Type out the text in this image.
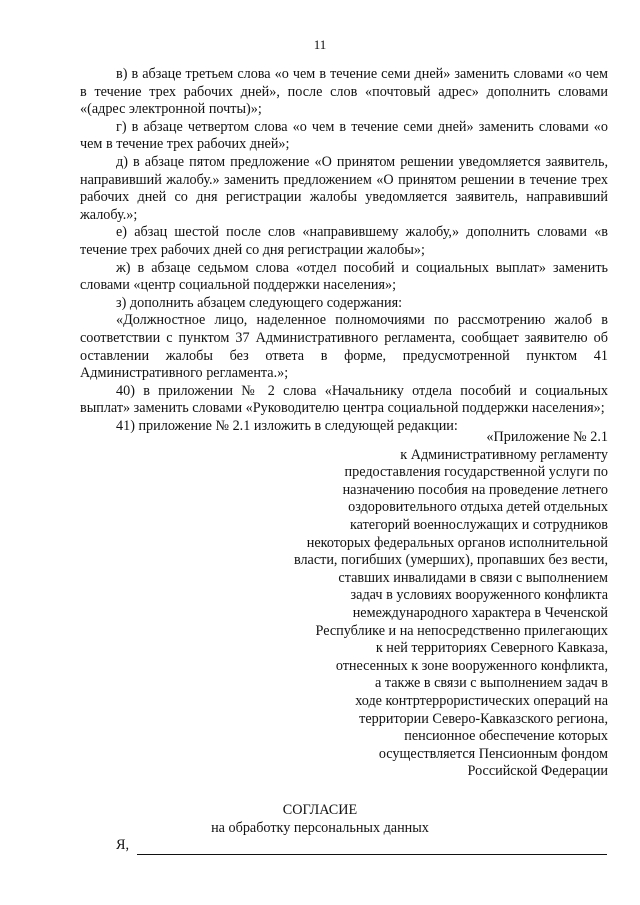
11

в) в абзаце третьем слова «о чем в течение семи дней» заменить словами «о чем в течение трех рабочих дней», после слов «почтовый адрес» дополнить словами «(адрес электронной почты)»;

г) в абзаце четвертом слова «о чем в течение семи дней» заменить словами «о чем в течение трех рабочих дней»;

д) в абзаце пятом предложение «О принятом решении уведомляется заявитель, направивший жалобу.» заменить предложением «О принятом решении в течение трех рабочих дней со дня регистрации жалобы уведомляется заявитель, направивший жалобу.»;

е) абзац шестой после слов «направившему жалобу,» дополнить словами «в течение трех рабочих дней со дня регистрации жалобы»;

ж) в абзаце седьмом слова «отдел пособий и социальных выплат» заменить словами «центр социальной поддержки населения»;

з) дополнить абзацем следующего содержания:

«Должностное лицо, наделенное полномочиями по рассмотрению жалоб в соответствии с пунктом 37 Административного регламента, сообщает заявителю об оставлении жалобы без ответа в форме, предусмотренной пунктом 41 Административного регламента.»;

40) в приложении № 2 слова «Начальнику отдела пособий и социальных выплат» заменить словами «Руководителю центра социальной поддержки населения»;

41) приложение № 2.1 изложить в следующей редакции:

«Приложение № 2.1
к Административному регламенту
предоставления государственной услуги по
назначению пособия на проведение летнего
оздоровительного отдыха детей отдельных
категорий военнослужащих и сотрудников
некоторых федеральных органов исполнительной
власти, погибших (умерших), пропавших без вести,
ставших инвалидами в связи с выполнением
задач в условиях вооруженного конфликта
немеждународного характера в Чеченской
Республике и на непосредственно прилегающих
к ней территориях Северного Кавказа,
отнесенных к зоне вооруженного конфликта,
а также в связи с выполнением задач в
ходе контртеррористических операций на
территории Северо-Кавказского региона,
пенсионное обеспечение которых
осуществляется Пенсионным фондом
Российской Федерации
СОГЛАСИЕ
на обработку персональных данных
Я,
